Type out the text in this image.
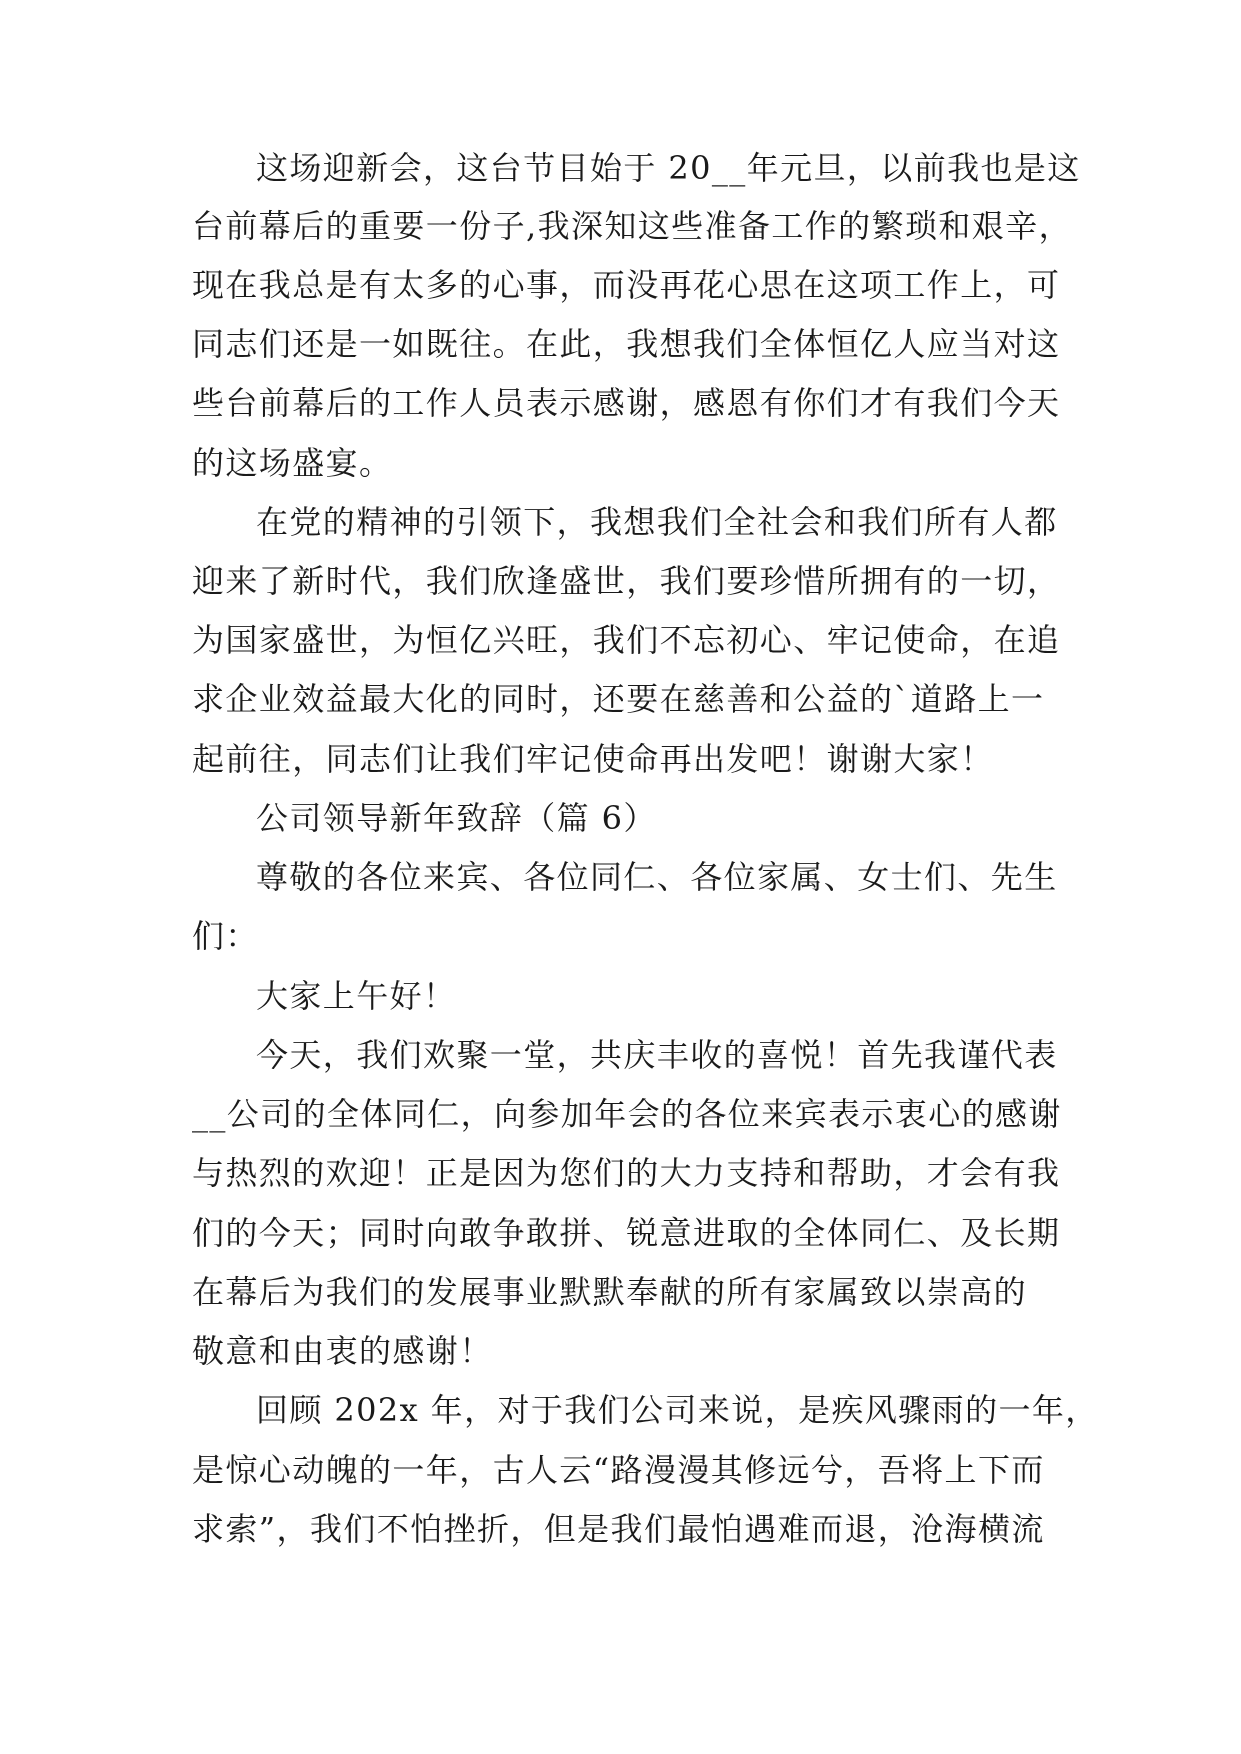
这场迎新会，这台节目始于 20__年元旦，以前我也是这

台前幕后的重要一份子,我深知这些准备工作的繁琐和艰辛，

现在我总是有太多的心事，而没再花心思在这项工作上，可

同志们还是一如既往。在此，我想我们全体恒亿人应当对这

些台前幕后的工作人员表示感谢，感恩有你们才有我们今天

的这场盛宴。

在党的精神的引领下，我想我们全社会和我们所有人都

迎来了新时代，我们欣逢盛世，我们要珍惜所拥有的一切，

为国家盛世，为恒亿兴旺，我们不忘初心、牢记使命，在追

求企业效益最大化的同时，还要在慈善和公益的`道路上一

起前往，同志们让我们牢记使命再出发吧！谢谢大家！

公司领导新年致辞（篇 6）

尊敬的各位来宾、各位同仁、各位家属、女士们、先生

们：

大家上午好！

今天，我们欢聚一堂，共庆丰收的喜悦！首先我谨代表

__公司的全体同仁，向参加年会的各位来宾表示衷心的感谢

与热烈的欢迎！正是因为您们的大力支持和帮助，才会有我

们的今天；同时向敢争敢拼、锐意进取的全体同仁、及长期

在幕后为我们的发展事业默默奉献的所有家属致以崇高的

敬意和由衷的感谢！

回顾 202x 年，对于我们公司来说，是疾风骤雨的一年，

是惊心动魄的一年，古人云“路漫漫其修远兮，吾将上下而

求索”，我们不怕挫折，但是我们最怕遇难而退，沧海横流
